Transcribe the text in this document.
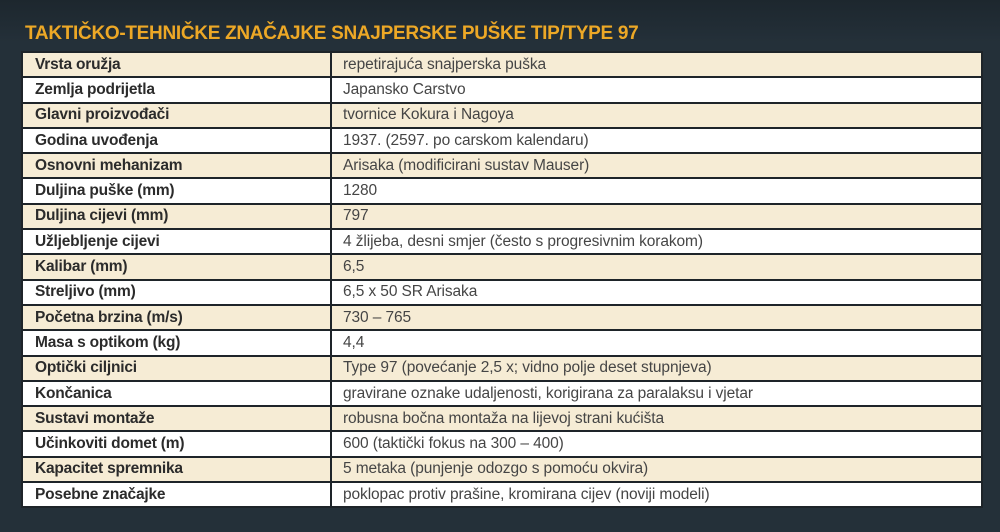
TAKTIČKO-TEHNIČKE ZNAČAJKE SNAJPERSKE PUŠKE TIP/TYPE 97
Vrsta oružja	repetirajuća snajperska puška
Zemlja podrijetla	Japansko Carstvo
Glavni proizvođači	tvornice Kokura i Nagoya
Godina uvođenja	1937. (2597. po carskom kalendaru)
Osnovni mehanizam	Arisaka (modificirani sustav Mauser)
Duljina puške (mm)	1280
Duljina cijevi (mm)	797
Užljebljenje cijevi	4 žlijeba, desni smjer (često s progresivnim korakom)
Kalibar (mm)	6,5
Streljivo (mm)	6,5 x 50 SR Arisaka
Početna brzina (m/s)	730 – 765
Masa s optikom (kg)	4,4
Optički ciljnici	Type 97 (povećanje 2,5 x; vidno polje deset stupnjeva)
Končanica	gravirane oznake udaljenosti, korigirana za paralaksu i vjetar
Sustavi montaže	robusna bočna montaža na lijevoj strani kućišta
Učinkoviti domet (m)	600 (taktički fokus na 300 – 400)
Kapacitet spremnika	5 metaka (punjenje odozgo s pomoću okvira)
Posebne značajke	poklopac protiv prašine, kromirana cijev (noviji modeli)
